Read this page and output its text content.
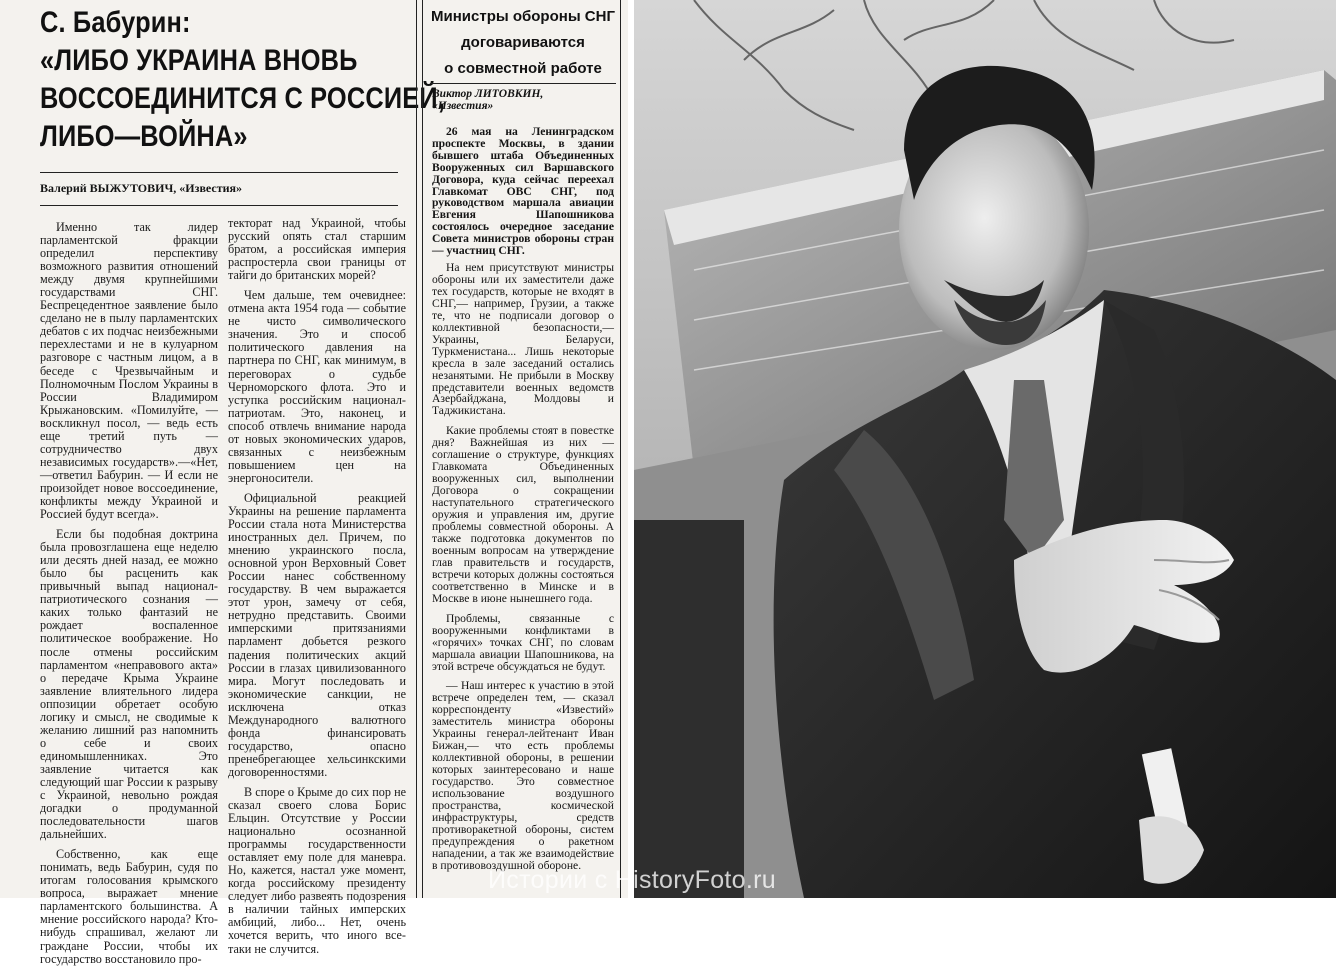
С. Бабурин:
«ЛИБО УКРАИНА ВНОВЬ
ВОССОЕДИНИТСЯ С РОССИЕЙ,
ЛИБО—ВОЙНА»
Валерий ВЫЖУТОВИЧ, «Известия»

Именно так лидер парламентской фракции определил перспективу возможного развития отношений между двумя крупнейшими государствами СНГ. Беспрецедентное заявление было сделано не в пылу парламентских дебатов с их подчас неизбежными перехлестами и не в кулуарном разговоре с частным лицом, а в беседе с Чрезвычайным и Полномочным Послом Украины в России Владимиром Крыжановским. «Помилуйте, — воскликнул посол, — ведь есть еще третий путь — сотрудничество двух независимых государств».—«Нет,—ответил Бабурин. — И если не произойдет новое воссоединение, конфликты между Украиной и Россией будут всегда».

Если бы подобная доктрина была провозглашена еще неделю или десять дней назад, ее можно было бы расценить как привычный выпад национал-патриотического сознания — каких только фантазий не рождает воспаленное политическое воображение. Но после отмены российским парламентом «неправового акта» о передаче Крыма Украине заявление влиятельного лидера оппозиции обретает особую логику и смысл, не сводимые к желанию лишний раз напомнить о себе и своих единомышленниках. Это заявление читается как следующий шаг России к разрыву с Украиной, невольно рождая догадки о продуманной последовательности шагов дальнейших.

Собственно, как еще понимать, ведь Бабурин, судя по итогам голосования крымского вопроса, выражает мнение парламентского большинства. А мнение российского народа? Кто-нибудь спрашивал, желают ли граждане России, чтобы их государство восстановило про-

текторат над Украиной, чтобы русский опять стал старшим братом, а российская империя распростерла свои границы от тайги до британских морей?

Чем дальше, тем очевиднее: отмена акта 1954 года — событие не чисто символического значения. Это и способ политического давления на партнера по СНГ, как минимум, в переговорах о судьбе Черноморского флота. Это и уступка российским национал-патриотам. Это, наконец, и способ отвлечь внимание народа от новых экономических ударов, связанных с неизбежным повышением цен на энергоносители.

Официальной реакцией Украины на решение парламента России стала нота Министерства иностранных дел. Причем, по мнению украинского посла, основной урон Верховный Совет России нанес собственному государству. В чем выражается этот урон, замечу от себя, нетрудно представить. Своими имперскими притязаниями парламент добьется резкого падения политических акций России в глазах цивилизованного мира. Могут последовать и экономические санкции, не исключена отказ Международного валютного фонда финансировать государство, опасно пренебрегающее хельсинкскими договоренностями.

В споре о Крыме до сих пор не сказал своего слова Борис Ельцин. Отсутствие у России национально осознанной программы государственности оставляет ему поле для маневра. Но, кажется, настал уже момент, когда российскому президенту следует либо развеять подозрения в наличии тайных имперских амбиций, либо... Нет, очень хочется верить, что иного все-таки не случится.

Министры обороны СНГ
договариваются
о совместной работе
Виктор ЛИТОВКИН,
«Известия»

26 мая на Ленинградском проспекте Москвы, в здании бывшего штаба Объединенных Вооруженных сил Варшавского Договора, куда сейчас переехал Главкомат ОВС СНГ, под руководством маршала авиации Евгения Шапошникова состоялось очередное заседание Совета министров обороны стран — участниц СНГ.

На нем присутствуют министры обороны или их заместители даже тех государств, которые не входят в СНГ,— например, Грузии, а также те, что не подписали договор о коллективной безопасности,— Украины, Беларуси, Туркменистана... Лишь некоторые кресла в зале заседаний остались незанятыми. Не прибыли в Москву представители военных ведомств Азербайджана, Молдовы и Таджикистана.

Какие проблемы стоят в повестке дня? Важнейшая из них — соглашение о структуре, функциях Главкомата Объединенных вооруженных сил, выполнении Договора о сокращении наступательного стратегического оружия и управления им, другие проблемы совместной обороны. А также подготовка документов по военным вопросам на утверждение глав правительств и государств, встречи которых должны состояться соответственно в Минске и в Москве в июне нынешнего года.

Проблемы, связанные с вооруженными конфликтами в «горячих» точках СНГ, по словам маршала авиации Шапошникова, на этой встрече обсуждаться не будут.

— Наш интерес к участию в этой встрече определен тем, — сказал корреспонденту «Известий» заместитель министра обороны Украины генерал-лейтенант Иван Бижан,— что есть проблемы коллективной обороны, в решении которых заинтересовано и наше государство. Это совместное использование воздушного пространства, космической инфраструктуры, средств противоракетной обороны, систем предупреждения о ракетном нападении, а так же взаимодействие в противовоздушной обороне.

Истории с HistoryFoto.ru
